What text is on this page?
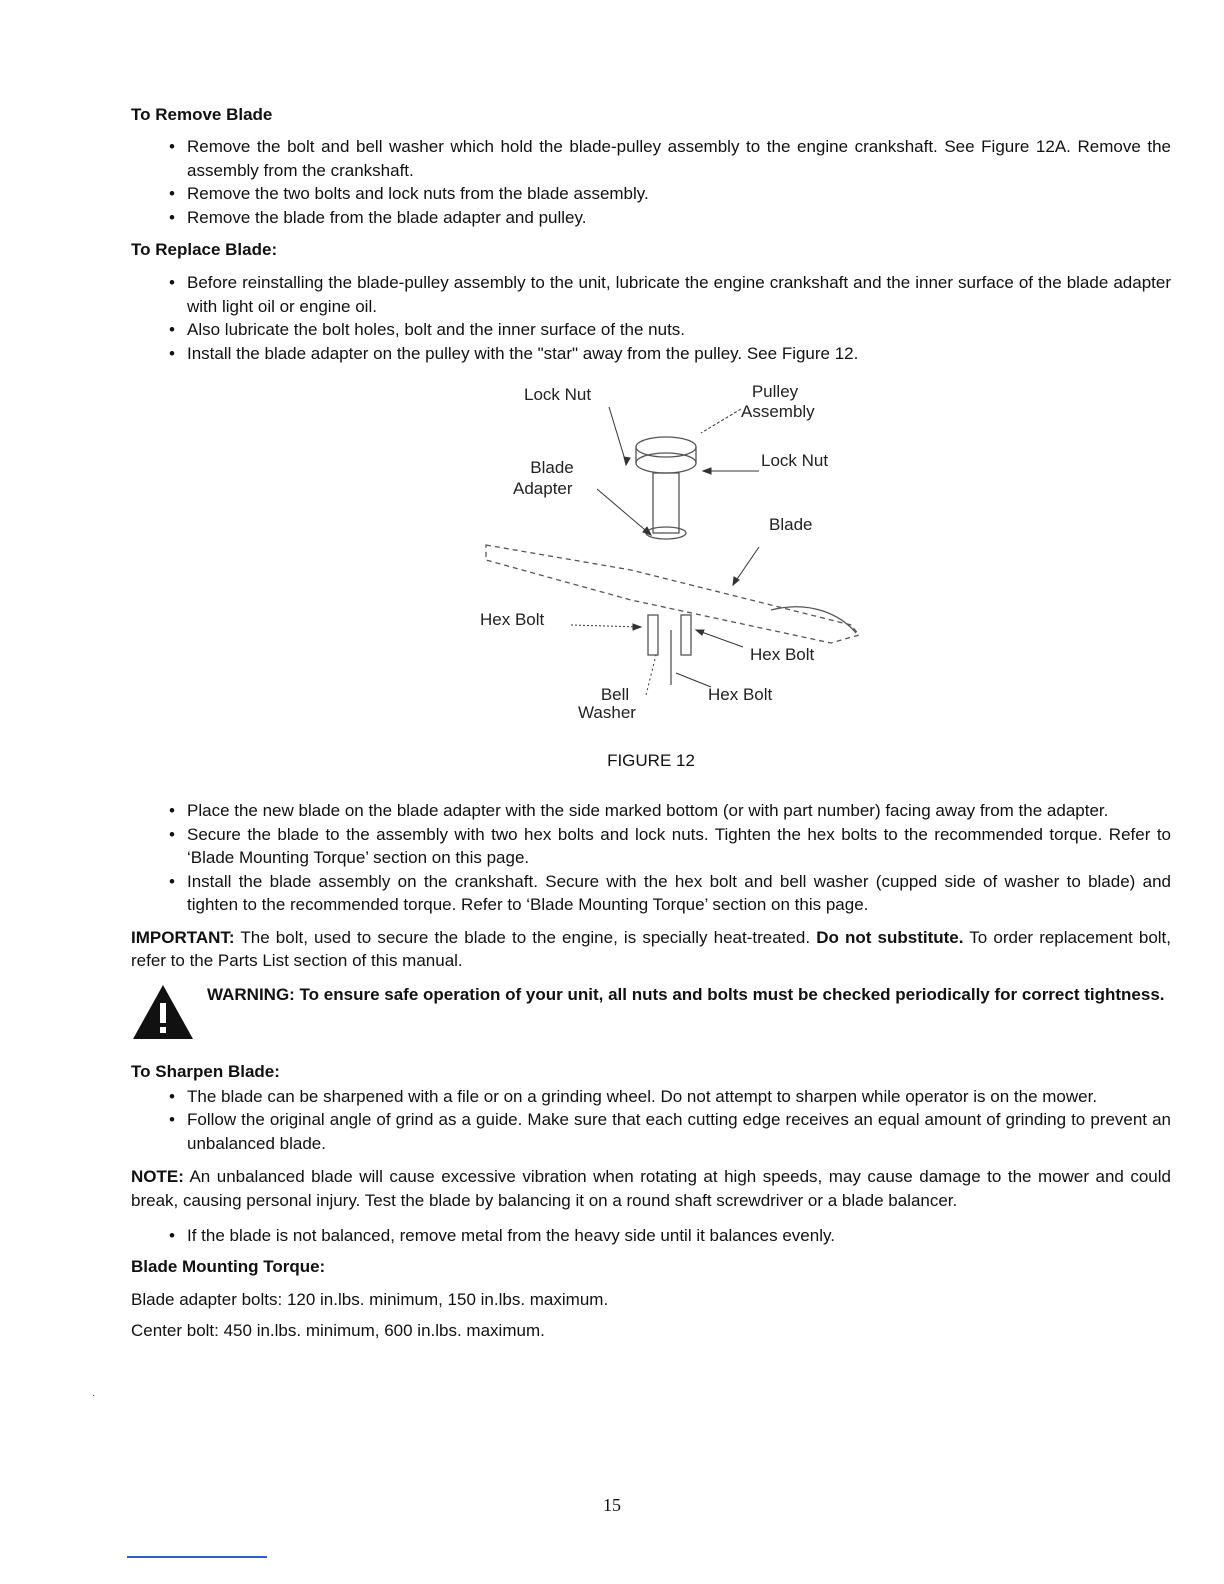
To Remove Blade
• Remove the bolt and bell washer which hold the blade-pulley assembly to the engine crankshaft. See Figure 12A. Remove the assembly from the crankshaft.
• Remove the two bolts and lock nuts from the blade assembly.
• Remove the blade from the blade adapter and pulley.
To Replace Blade:
• Before reinstalling the blade-pulley assembly to the unit, lubricate the engine crankshaft and the inner surface of the blade adapter with light oil or engine oil.
• Also lubricate the bolt holes, bolt and the inner surface of the nuts.
• Install the blade adapter on the pulley with the "star" away from the pulley. See Figure 12.
Lock Nut	Pulley
Assembly
Blade
Adapter
Lock Nut
Blade
Hex Bolt
Hex Bolt
Bell
Washer
Hex Bolt
FIGURE 12
• Place the new blade on the blade adapter with the side marked bottom (or with part number) facing away from the adapter.
• Secure the blade to the assembly with two hex bolts and lock nuts. Tighten the hex bolts to the recommended torque. Refer to ‘Blade Mounting Torque’ section on this page.
• Install the blade assembly on the crankshaft. Secure with the hex bolt and bell washer (cupped side of washer to blade) and tighten to the recommended torque. Refer to ‘Blade Mounting Torque’ section on this page.

IMPORTANT: The bolt, used to secure the blade to the engine, is specially heat-treated. Do not substitute. To order replacement bolt, refer to the Parts List section of this manual.

WARNING: To ensure safe operation of your unit, all nuts and bolts must be checked periodically for correct tightness.
To Sharpen Blade:
• The blade can be sharpened with a file or on a grinding wheel. Do not attempt to sharpen while operator is on the mower.
• Follow the original angle of grind as a guide. Make sure that each cutting edge receives an equal amount of grinding to prevent an unbalanced blade.

NOTE: An unbalanced blade will cause excessive vibration when rotating at high speeds, may cause damage to the mower and could break, causing personal injury. Test the blade by balancing it on a round shaft screwdriver or a blade balancer.

• If the blade is not balanced, remove metal from the heavy side until it balances evenly.
Blade Mounting Torque:

Blade adapter bolts: 120 in.lbs. minimum, 150 in.lbs. maximum.

Center bolt: 450 in.lbs. minimum, 600 in.lbs. maximum.

·
15
